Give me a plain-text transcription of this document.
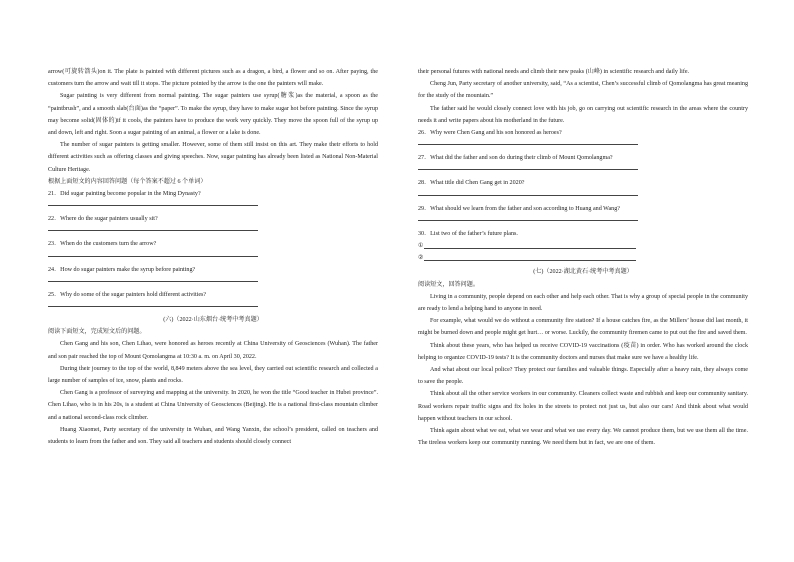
arrow(可旋转箭头)on it. The plate is painted with different pictures such as a dragon, a bird, a flower and so on. After paying, the customers turn the arrow and wait till it stops. The picture pointed by the arrow is the one the painters will make.

Sugar painting is very different from normal painting. The sugar painters use syrup(糖浆)as the material, a spoon as the “paintbrush”, and a smooth slab(台面)as the “paper”. To make the syrup, they have to make sugar hot before painting. Since the syrup may become solid(固体的)if it cools, the painters have to produce the work very quickly. They move the spoon full of the syrup up and down, left and right. Soon a sugar painting of an animal, a flower or a lake is done.

The number of sugar painters is getting smaller. However, some of them still insist on this art. They make their efforts to hold different activities such as offering classes and giving speeches. Now, sugar painting has already been listed as National Non-Material Culture Heritage.

根据上面短文的内容回答问题（每个答案不超过 6 个单词）

21．Did sugar painting become popular in the Ming Dynasty?

22．Where do the sugar painters usually sit?

23．When do the customers turn the arrow?

24．How do sugar painters make the syrup before painting?

25．Why do some of the sugar painters hold different activities?

(六)（2022·山东烟台·统考中考真题）

阅读下面短文，完成短文后的问题。

Chen Gang and his son, Chen Lihao, were honored as heroes recently at China University of Geosciences (Wuhan). The father and son pair reached the top of Mount Qomolangma at 10:30 a. m. on April 30, 2022.

During their journey to the top of the world, 8,849 meters above the sea level, they carried out scientific research and collected a large number of samples of ice, snow, plants and rocks.

Chen Gang is a professor of surveying and mapping at the university. In 2020, he won the title “Good teacher in Hubei province”. Chen Lihao, who is in his 20s, is a student at China University of Geosciences (Beijing). He is a national first-class mountain climber and a national second-class rock climber.

Huang Xiaomei, Party secretary of the university in Wuhan, and Wang Yanxin, the school’s president, called on teachers and students to learn from the father and son. They said all teachers and students should closely connect

their personal futures with national needs and climb their new peaks (山峰) in scientific research and daily life.

Cheng Jun, Party secretary of another university, said, “As a scientist, Chen’s successful climb of Qomolangma has great meaning for the study of the mountain.”

The father said he would closely connect love with his job, go on carrying out scientific research in the areas where the country needs it and write papers about his motherland in the future.

26．Why were Chen Gang and his son honored as heroes?

27．What did the father and son do during their climb of Mount Qomolangma?

28．What title did Chen Gang get in 2020?

29．What should we learn from the father and son according to Huang and Wang?

30．List two of the father’s future plans.

①
②

(七)（2022·湖北黄石·统考中考真题）

阅读短文，回答问题。

Living in a community, people depend on each other and help each other. That is why a group of special people in the community are ready to lend a helping hand to anyone in need.

For example, what would we do without a community fire station? If a house catches fire, as the Millers’ house did last month, it might be burned down and people might get hurt… or worse. Luckily, the community firemen came to put out the fire and saved them.

Think about these years, who has helped us receive COVID-19 vaccinations (疫苗) in order. Who has worked around the clock helping to organize COVID-19 tests? It is the community doctors and nurses that make sure we have a healthy life.

And what about our local police? They protect our families and valuable things. Especially after a heavy rain, they always come to save the people.

Think about all the other service workers in our community. Cleaners collect waste and rubbish and keep our community sanitary. Road workers repair traffic signs and fix holes in the streets to protect not just us, but also our cars! And think about what would happen without teachers in our school.

Think again about what we eat, what we wear and what we use every day. We cannot produce them, but we use them all the time. The tireless workers keep our community running. We need them but in fact, we are one of them.
